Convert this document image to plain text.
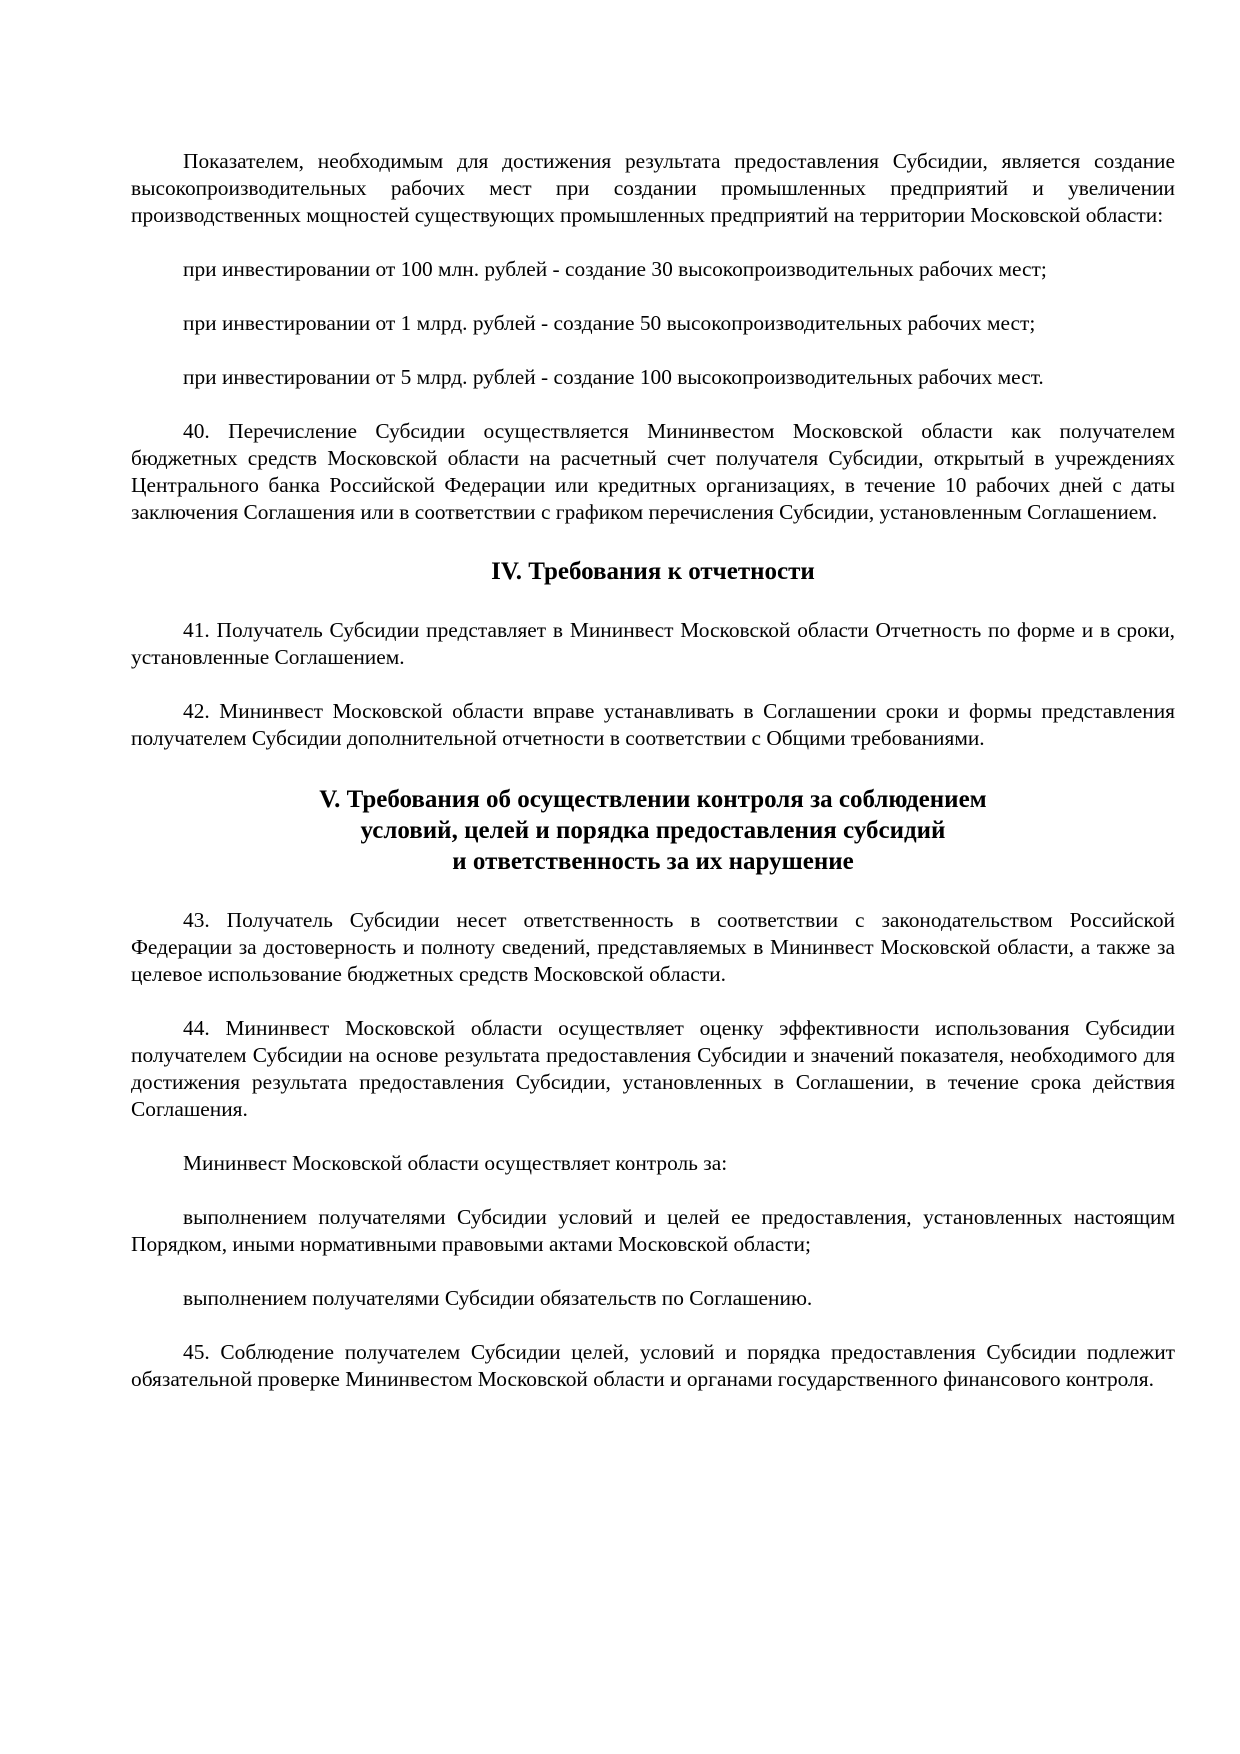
Показателем, необходимым для достижения результата предоставления Субсидии, является создание высокопроизводительных рабочих мест при создании промышленных предприятий и увеличении производственных мощностей существующих промышленных предприятий на территории Московской области:

при инвестировании от 100 млн. рублей - создание 30 высокопроизводительных рабочих мест;

при инвестировании от 1 млрд. рублей - создание 50 высокопроизводительных рабочих мест;

при инвестировании от 5 млрд. рублей - создание 100 высокопроизводительных рабочих мест.

40. Перечисление Субсидии осуществляется Мининвестом Московской области как получателем бюджетных средств Московской области на расчетный счет получателя Субсидии, открытый в учреждениях Центрального банка Российской Федерации или кредитных организациях, в течение 10 рабочих дней с даты заключения Соглашения или в соответствии с графиком перечисления Субсидии, установленным Соглашением.

IV. Требования к отчетности

41. Получатель Субсидии представляет в Мининвест Московской области Отчетность по форме и в сроки, установленные Соглашением.

42. Мининвест Московской области вправе устанавливать в Соглашении сроки и формы представления получателем Субсидии дополнительной отчетности в соответствии с Общими требованиями.

V. Требования об осуществлении контроля за соблюдением
условий, целей и порядка предоставления субсидий
и ответственность за их нарушение

43. Получатель Субсидии несет ответственность в соответствии с законодательством Российской Федерации за достоверность и полноту сведений, представляемых в Мининвест Московской области, а также за целевое использование бюджетных средств Московской области.

44. Мининвест Московской области осуществляет оценку эффективности использования Субсидии получателем Субсидии на основе результата предоставления Субсидии и значений показателя, необходимого для достижения результата предоставления Субсидии, установленных в Соглашении, в течение срока действия Соглашения.

Мининвест Московской области осуществляет контроль за:

выполнением получателями Субсидии условий и целей ее предоставления, установленных настоящим Порядком, иными нормативными правовыми актами Московской области;

выполнением получателями Субсидии обязательств по Соглашению.

45. Соблюдение получателем Субсидии целей, условий и порядка предоставления Субсидии подлежит обязательной проверке Мининвестом Московской области и органами государственного финансового контроля.
